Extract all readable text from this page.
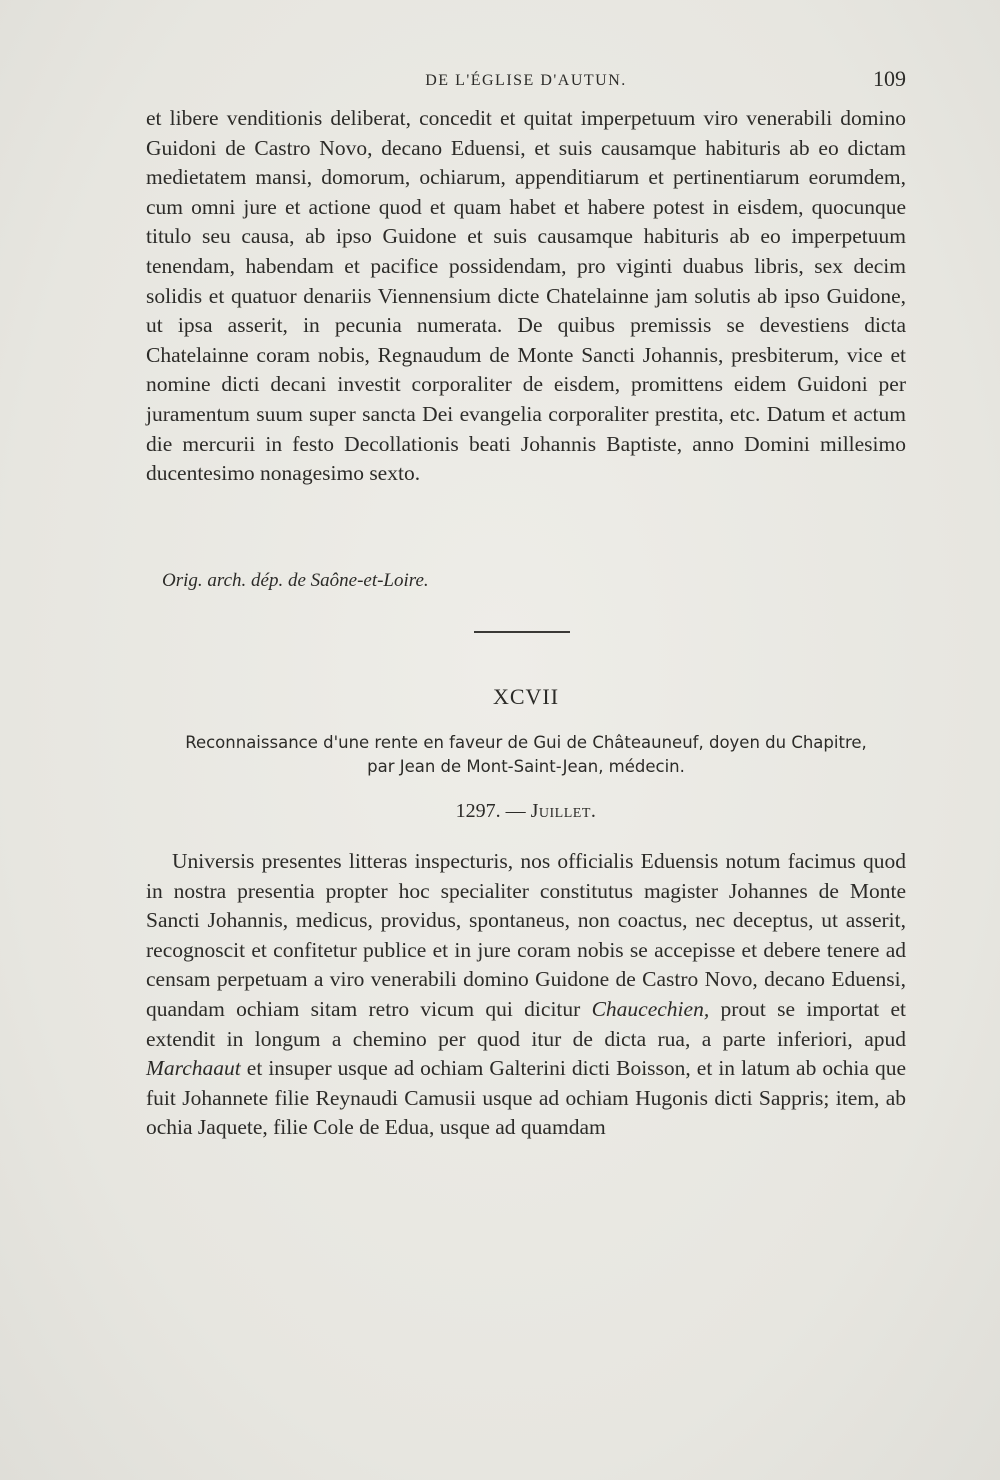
DE L'ÉGLISE D'AUTUN.	109

et libere venditionis deliberat, concedit et quitat imperpetuum viro venerabili domino Guidoni de Castro Novo, decano Eduensi, et suis causamque habituris ab eo dictam medietatem mansi, domorum, ochiarum, appenditiarum et pertinentiarum eorumdem, cum omni jure et actione quod et quam habet et habere potest in eisdem, quocunque titulo seu causa, ab ipso Guidone et suis causamque habituris ab eo imperpetuum tenendam, habendam et pacifice possidendam, pro viginti duabus libris, sex decim solidis et quatuor denariis Viennensium dicte Chatelainne jam solutis ab ipso Guidone, ut ipsa asserit, in pecunia numerata. De quibus premissis se devestiens dicta Chatelainne coram nobis, Regnaudum de Monte Sancti Johannis, presbiterum, vice et nomine dicti decani investit corporaliter de eisdem, promittens eidem Guidoni per juramentum suum super sancta Dei evangelia corporaliter prestita, etc. Datum et actum die mercurii in festo Decollationis beati Johannis Baptiste, anno Domini millesimo ducentesimo nonagesimo sexto.

Orig. arch. dép. de Saône-et-Loire.

XCVII

Reconnaissance d'une rente en faveur de Gui de Châteauneuf, doyen du Chapitre,
par Jean de Mont-Saint-Jean, médecin.

1297. — Juillet.

Universis presentes litteras inspecturis, nos officialis Eduensis notum facimus quod in nostra presentia propter hoc specialiter constitutus magister Johannes de Monte Sancti Johannis, medicus, providus, spontaneus, non coactus, nec deceptus, ut asserit, recognoscit et confitetur publice et in jure coram nobis se accepisse et debere tenere ad censam perpetuam a viro venerabili domino Guidone de Castro Novo, decano Eduensi, quandam ochiam sitam retro vicum qui dicitur Chaucechien, prout se importat et extendit in longum a chemino per quod itur de dicta rua, a parte inferiori, apud Marchaaut et insuper usque ad ochiam Galterini dicti Boisson, et in latum ab ochia que fuit Johannete filie Reynaudi Camusii usque ad ochiam Hugonis dicti Sappris; item, ab ochia Jaquete, filie Cole de Edua, usque ad quamdam
